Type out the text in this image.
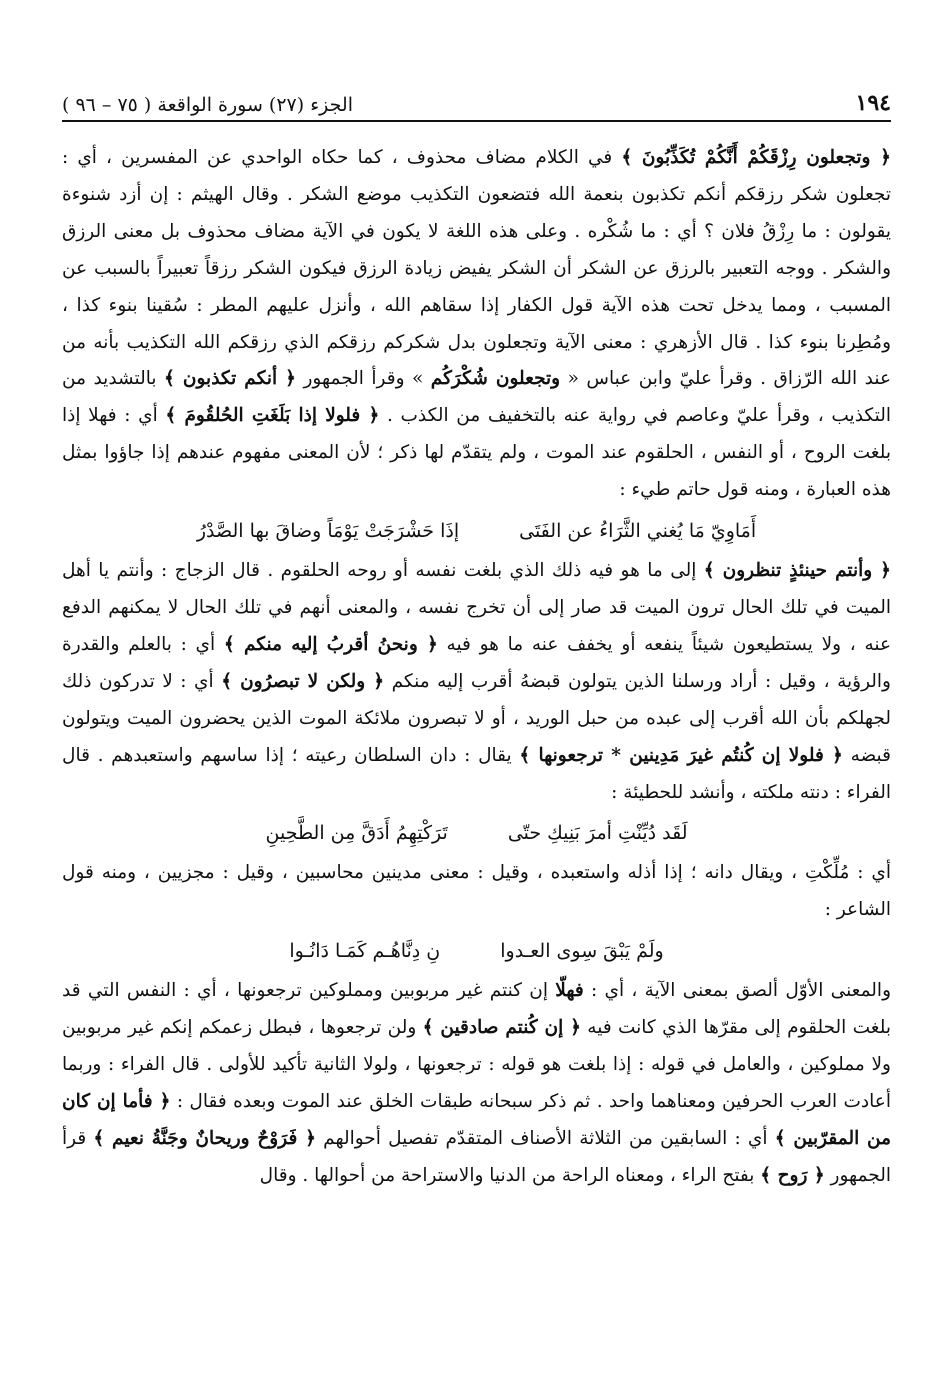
١٩٤
الجزء (٢٧) سورة الواقعة ( ٧٥ – ٩٦ )

﴿ وتجعلون رِزْقَكُمْ أَنَّكُمْ تُكَذِّبُونَ ﴾ في الكلام مضاف محذوف ، كما حكاه الواحدي عن المفسرين ، أي : تجعلون شكر رزقكم أنكم تكذبون بنعمة الله فتضعون التكذيب موضع الشكر . وقال الهيثم : إن أزد شنوءة يقولون : ما رِزْقُ فلان ؟ أي : ما شُكْره . وعلى هذه اللغة لا يكون في الآية مضاف محذوف بل معنى الرزق والشكر . ووجه التعبير بالرزق عن الشكر أن الشكر يفيض زيادة الرزق فيكون الشكر رزقاً تعبيراً بالسبب عن المسبب ، ومما يدخل تحت هذه الآية قول الكفار إذا سقاهم الله ، وأنزل عليهم المطر : سُقينا بنوء كذا ، ومُطِرنا بنوء كذا . قال الأزهري : معنى الآية وتجعلون بدل شكركم رزقكم الذي رزقكم الله التكذيب بأنه من عند الله الرّزاق . وقرأ عليّ وابن عباس « وتجعلون شُكْرَكُم » وقرأ الجمهور ﴿ أنكم تكذبون ﴾ بالتشديد من التكذيب ، وقرأ عليّ وعاصم في رواية عنه بالتخفيف من الكذب . ﴿ فلولا إذا بَلَغَتِ الحُلقُومَ ﴾ أي : فهلا إذا بلغت الروح ، أو النفس ، الحلقوم عند الموت ، ولم يتقدّم لها ذكر ؛ لأن المعنى مفهوم عندهم إذا جاؤوا بمثل هذه العبارة ، ومنه قول حاتم طيء :

أَمَاوِيّ مَا يُغني الثَّرَاءُ عن الفَتَى
إذَا حَشْرَجَتْ يَوْمَاً وضاقَ بها الصَّدْرُ

﴿ وأنتم حينئذٍ تنظرون ﴾ إلى ما هو فيه ذلك الذي بلغت نفسه أو روحه الحلقوم . قال الزجاج : وأنتم يا أهل الميت في تلك الحال ترون الميت قد صار إلى أن تخرج نفسه ، والمعنى أنهم في تلك الحال لا يمكنهم الدفع عنه ، ولا يستطيعون شيئاً ينفعه أو يخفف عنه ما هو فيه ﴿ ونحنُ أقربُ إليه منكم ﴾ أي : بالعلم والقدرة والرؤية ، وقيل : أراد ورسلنا الذين يتولون قبضهُ أقرب إليه منكم ﴿ ولكن لا تبصرُون ﴾ أي : لا تدركون ذلك لجهلكم بأن الله أقرب إلى عبده من حبل الوريد ، أو لا تبصرون ملائكة الموت الذين يحضرون الميت ويتولون قبضه ﴿ فلولا إن كُنتُم غيرَ مَدِينين * ترجعونها ﴾ يقال : دان السلطان رعيته ؛ إذا ساسهم واستعبدهم . قال الفراء : دنته ملكته ، وأنشد للحطيئة :

لَقَد دُيِّنْتِ أمرَ بَنِيكِ حتّى
تَرَكْتِهِمُ أَدَقَّ مِن الطَّحِينِ

أي : مُلِّكْتِ ، ويقال دانه ؛ إذا أذله واستعبده ، وقيل : معنى مدينين محاسبين ، وقيل : مجزيين ، ومنه قول الشاعر :

ولَمْ يَبْقَ سِوى العـدوا
نِ دِنَّاهُـم كَمَـا دَانُـوا

والمعنى الأوّل ألصق بمعنى الآية ، أي : فهلّا إن كنتم غير مربوبين ومملوكين ترجعونها ، أي : النفس التي قد بلغت الحلقوم إلى مقرّها الذي كانت فيه ﴿ إن كُنتم صادقين ﴾ ولن ترجعوها ، فبطل زعمكم إنكم غير مربوبين ولا مملوكين ، والعامل في قوله : إذا بلغت هو قوله : ترجعونها ، ولولا الثانية تأكيد للأولى . قال الفراء : وربما أعادت العرب الحرفين ومعناهما واحد . ثم ذكر سبحانه طبقات الخلق عند الموت وبعده فقال : ﴿ فأما إن كان من المقرّبين ﴾ أي : السابقين من الثلاثة الأصناف المتقدّم تفصيل أحوالهم ﴿ فَرَوْحٌ وريحانٌ وجَنَّةُ نعيم ﴾ قرأ الجمهور ﴿ رَوح ﴾ بفتح الراء ، ومعناه الراحة من الدنيا والاستراحة من أحوالها . وقال
